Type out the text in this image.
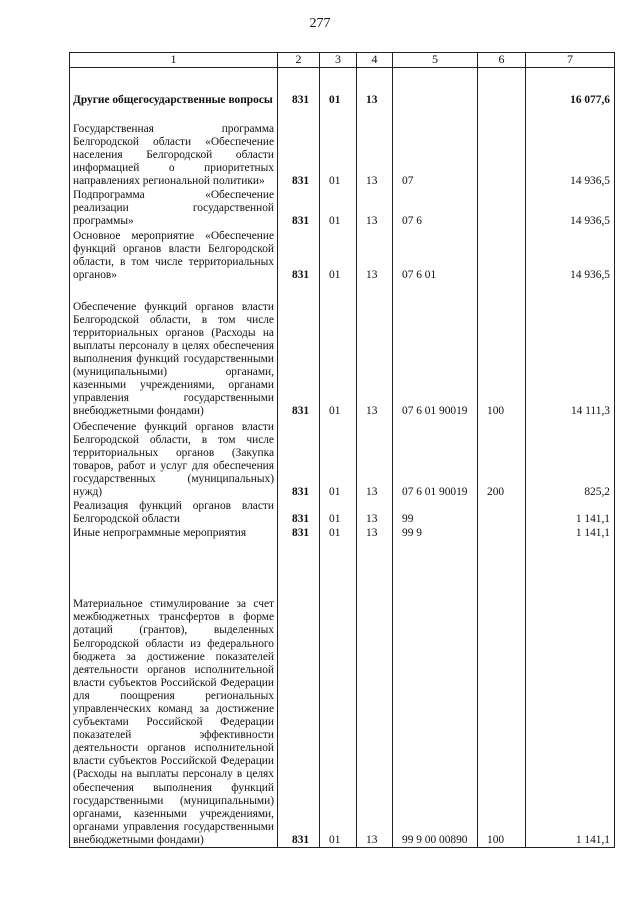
277
1	2	3	4	5	6	7
Другие общегосударственные вопросы	831	01	13			16 077,6
Государственная программа Белгородской области «Обеспечение населения Белгородской области информацией о приоритетных направлениях региональной политики»	831	01	13	07		14 936,5
Подпрограмма «Обеспечение реализации государственной программы»	831	01	13	07 6		14 936,5
Основное мероприятие «Обеспечение функций органов власти Белгородской области, в том числе территориальных органов»	831	01	13	07 6 01		14 936,5
Обеспечение функций органов власти Белгородской области, в том числе территориальных органов (Расходы на выплаты персоналу в целях обеспечения выполнения функций государственными (муниципальными) органами, казенными учреждениями, органами управления государственными внебюджетными фондами)	831	01	13	07 6 01 90019	100	14 111,3
Обеспечение функций органов власти Белгородской области, в том числе территориальных органов (Закупка товаров, работ и услуг для обеспечения государственных (муниципальных) нужд)	831	01	13	07 6 01 90019	200	825,2
Реализация функций органов власти Белгородской области	831	01	13	99		1 141,1
Иные непрограммные мероприятия	831	01	13	99 9		1 141,1
Материальное стимулирование за счет межбюджетных трансфертов в форме дотаций (грантов), выделенных Белгородской области из федерального бюджета за достижение показателей деятельности органов исполнительной власти субъектов Российской Федерации для поощрения региональных управленческих команд за достижение субъектами Российской Федерации показателей эффективности деятельности органов исполнительной власти субъектов Российской Федерации (Расходы на выплаты персоналу в целях обеспечения выполнения функций государственными (муниципальными) органами, казенными учреждениями, органами управления государственными внебюджетными фондами)	831	01	13	99 9 00 00890	100	1 141,1
